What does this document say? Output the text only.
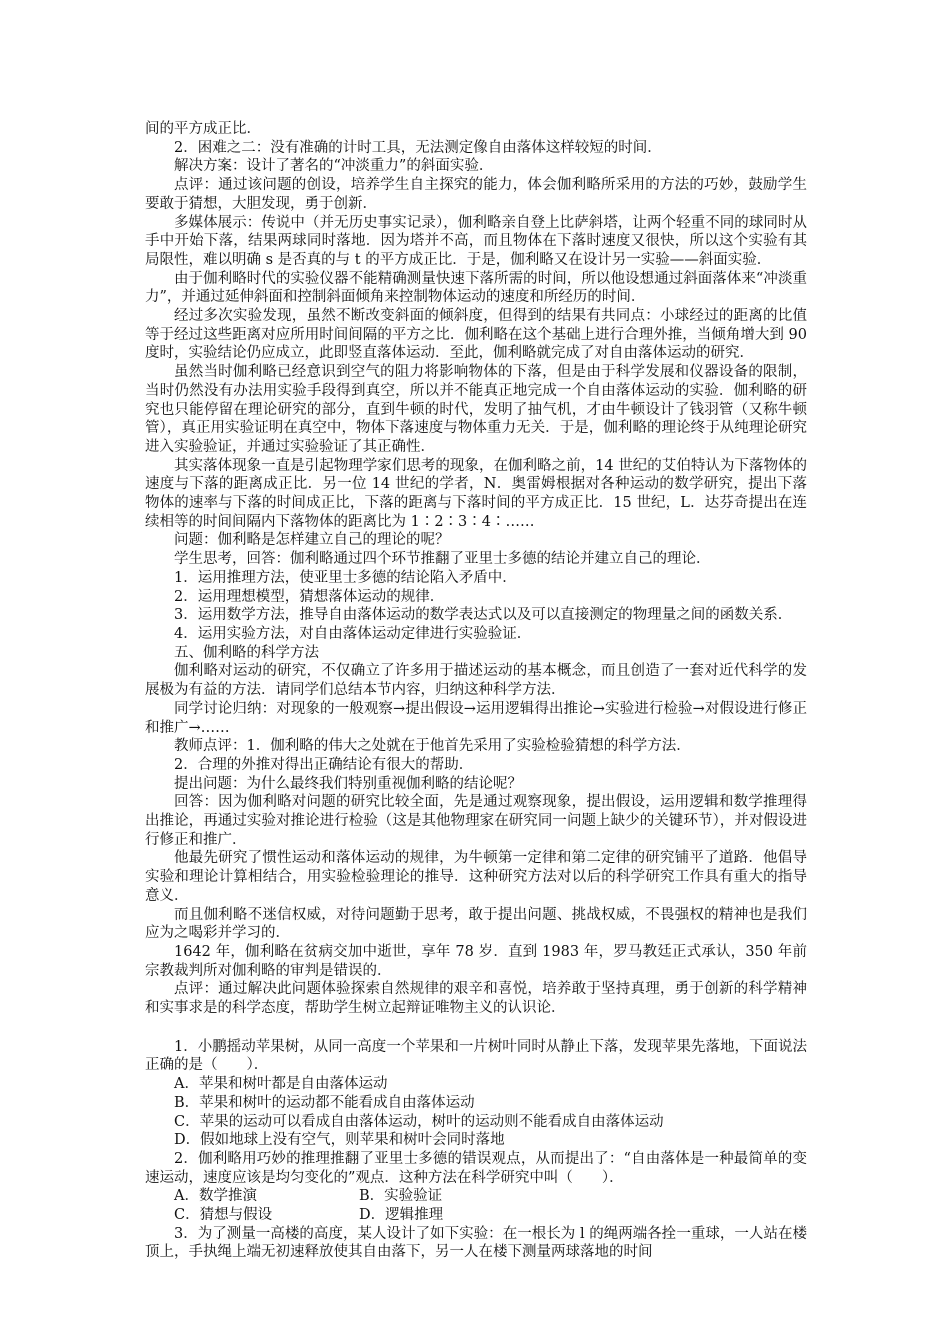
间的平方成正比．

2．困难之二：没有准确的计时工具，无法测定像自由落体这样较短的时间．

解决方案：设计了著名的“冲淡重力”的斜面实验．

点评：通过该问题的创设，培养学生自主探究的能力，体会伽利略所采用的方法的巧妙，鼓励学生要敢于猜想，大胆发现，勇于创新．

多媒体展示：传说中（并无历史事实记录），伽利略亲自登上比萨斜塔，让两个轻重不同的球同时从手中开始下落，结果两球同时落地．因为塔并不高，而且物体在下落时速度又很快，所以这个实验有其局限性，难以明确 s 是否真的与 t 的平方成正比．于是，伽利略又在设计另一实验——斜面实验．

由于伽利略时代的实验仪器不能精确测量快速下落所需的时间，所以他设想通过斜面落体来“冲淡重力”，并通过延伸斜面和控制斜面倾角来控制物体运动的速度和所经历的时间．

经过多次实验发现，虽然不断改变斜面的倾斜度，但得到的结果有共同点：小球经过的距离的比值等于经过这些距离对应所用时间间隔的平方之比．伽利略在这个基础上进行合理外推，当倾角增大到 90 度时，实验结论仍应成立，此即竖直落体运动．至此，伽利略就完成了对自由落体运动的研究．

虽然当时伽利略已经意识到空气的阻力将影响物体的下落，但是由于科学发展和仪器设备的限制，当时仍然没有办法用实验手段得到真空，所以并不能真正地完成一个自由落体运动的实验．伽利略的研究也只能停留在理论研究的部分，直到牛顿的时代，发明了抽气机，才由牛顿设计了钱羽管（又称牛顿管），真正用实验证明在真空中，物体下落速度与物体重力无关．于是，伽利略的理论终于从纯理论研究进入实验验证，并通过实验验证了其正确性．

其实落体现象一直是引起物理学家们思考的现象，在伽利略之前，14 世纪的艾伯特认为下落物体的速度与下落的距离成正比．另一位 14 世纪的学者，N．奥雷姆根据对各种运动的数学研究，提出下落物体的速率与下落的时间成正比，下落的距离与下落时间的平方成正比．15 世纪，L．达芬奇提出在连续相等的时间间隔内下落物体的距离比为 1∶2∶3∶4∶……

问题：伽利略是怎样建立自己的理论的呢？

学生思考，回答：伽利略通过四个环节推翻了亚里士多德的结论并建立自己的理论．

1．运用推理方法，使亚里士多德的结论陷入矛盾中．

2．运用理想模型，猜想落体运动的规律．

3．运用数学方法，推导自由落体运动的数学表达式以及可以直接测定的物理量之间的函数关系．

4．运用实验方法，对自由落体运动定律进行实验验证．

五、伽利略的科学方法

伽利略对运动的研究，不仅确立了许多用于描述运动的基本概念，而且创造了一套对近代科学的发展极为有益的方法．请同学们总结本节内容，归纳这种科学方法．

同学讨论归纳：对现象的一般观察→提出假设→运用逻辑得出推论→实验进行检验→对假设进行修正和推广→……

教师点评：1．伽利略的伟大之处就在于他首先采用了实验检验猜想的科学方法．

2．合理的外推对得出正确结论有很大的帮助．

提出问题：为什么最终我们特别重视伽利略的结论呢？

回答：因为伽利略对问题的研究比较全面，先是通过观察现象，提出假设，运用逻辑和数学推理得出推论，再通过实验对推论进行检验（这是其他物理家在研究同一问题上缺少的关键环节），并对假设进行修正和推广．

他最先研究了惯性运动和落体运动的规律，为牛顿第一定律和第二定律的研究铺平了道路．他倡导实验和理论计算相结合，用实验检验理论的推导．这种研究方法对以后的科学研究工作具有重大的指导意义．

而且伽利略不迷信权威，对待问题勤于思考，敢于提出问题、挑战权威，不畏强权的精神也是我们应为之喝彩并学习的．

1642 年，伽利略在贫病交加中逝世，享年 78 岁．直到 1983 年，罗马教廷正式承认，350 年前宗教裁判所对伽利略的审判是错误的．

点评：通过解决此问题体验探索自然规律的艰辛和喜悦，培养敢于坚持真理，勇于创新的科学精神和实事求是的科学态度，帮助学生树立起辩证唯物主义的认识论．

1．小鹏摇动苹果树，从同一高度一个苹果和一片树叶同时从静止下落，发现苹果先落地，下面说法正确的是（　　）．

A．苹果和树叶都是自由落体运动
B．苹果和树叶的运动都不能看成自由落体运动
C．苹果的运动可以看成自由落体运动，树叶的运动则不能看成自由落体运动
D．假如地球上没有空气，则苹果和树叶会同时落地

2．伽利略用巧妙的推理推翻了亚里士多德的错误观点，从而提出了：“自由落体是一种最简单的变速运动，速度应该是均匀变化的”观点．这种方法在科学研究中叫（　　）．

A．数学推演	B．实验验证
C．猜想与假设	D．逻辑推理

3．为了测量一高楼的高度，某人设计了如下实验：在一根长为 l 的绳两端各拴一重球，一人站在楼顶上，手执绳上端无初速释放使其自由落下，另一人在楼下测量两球落地的时间
